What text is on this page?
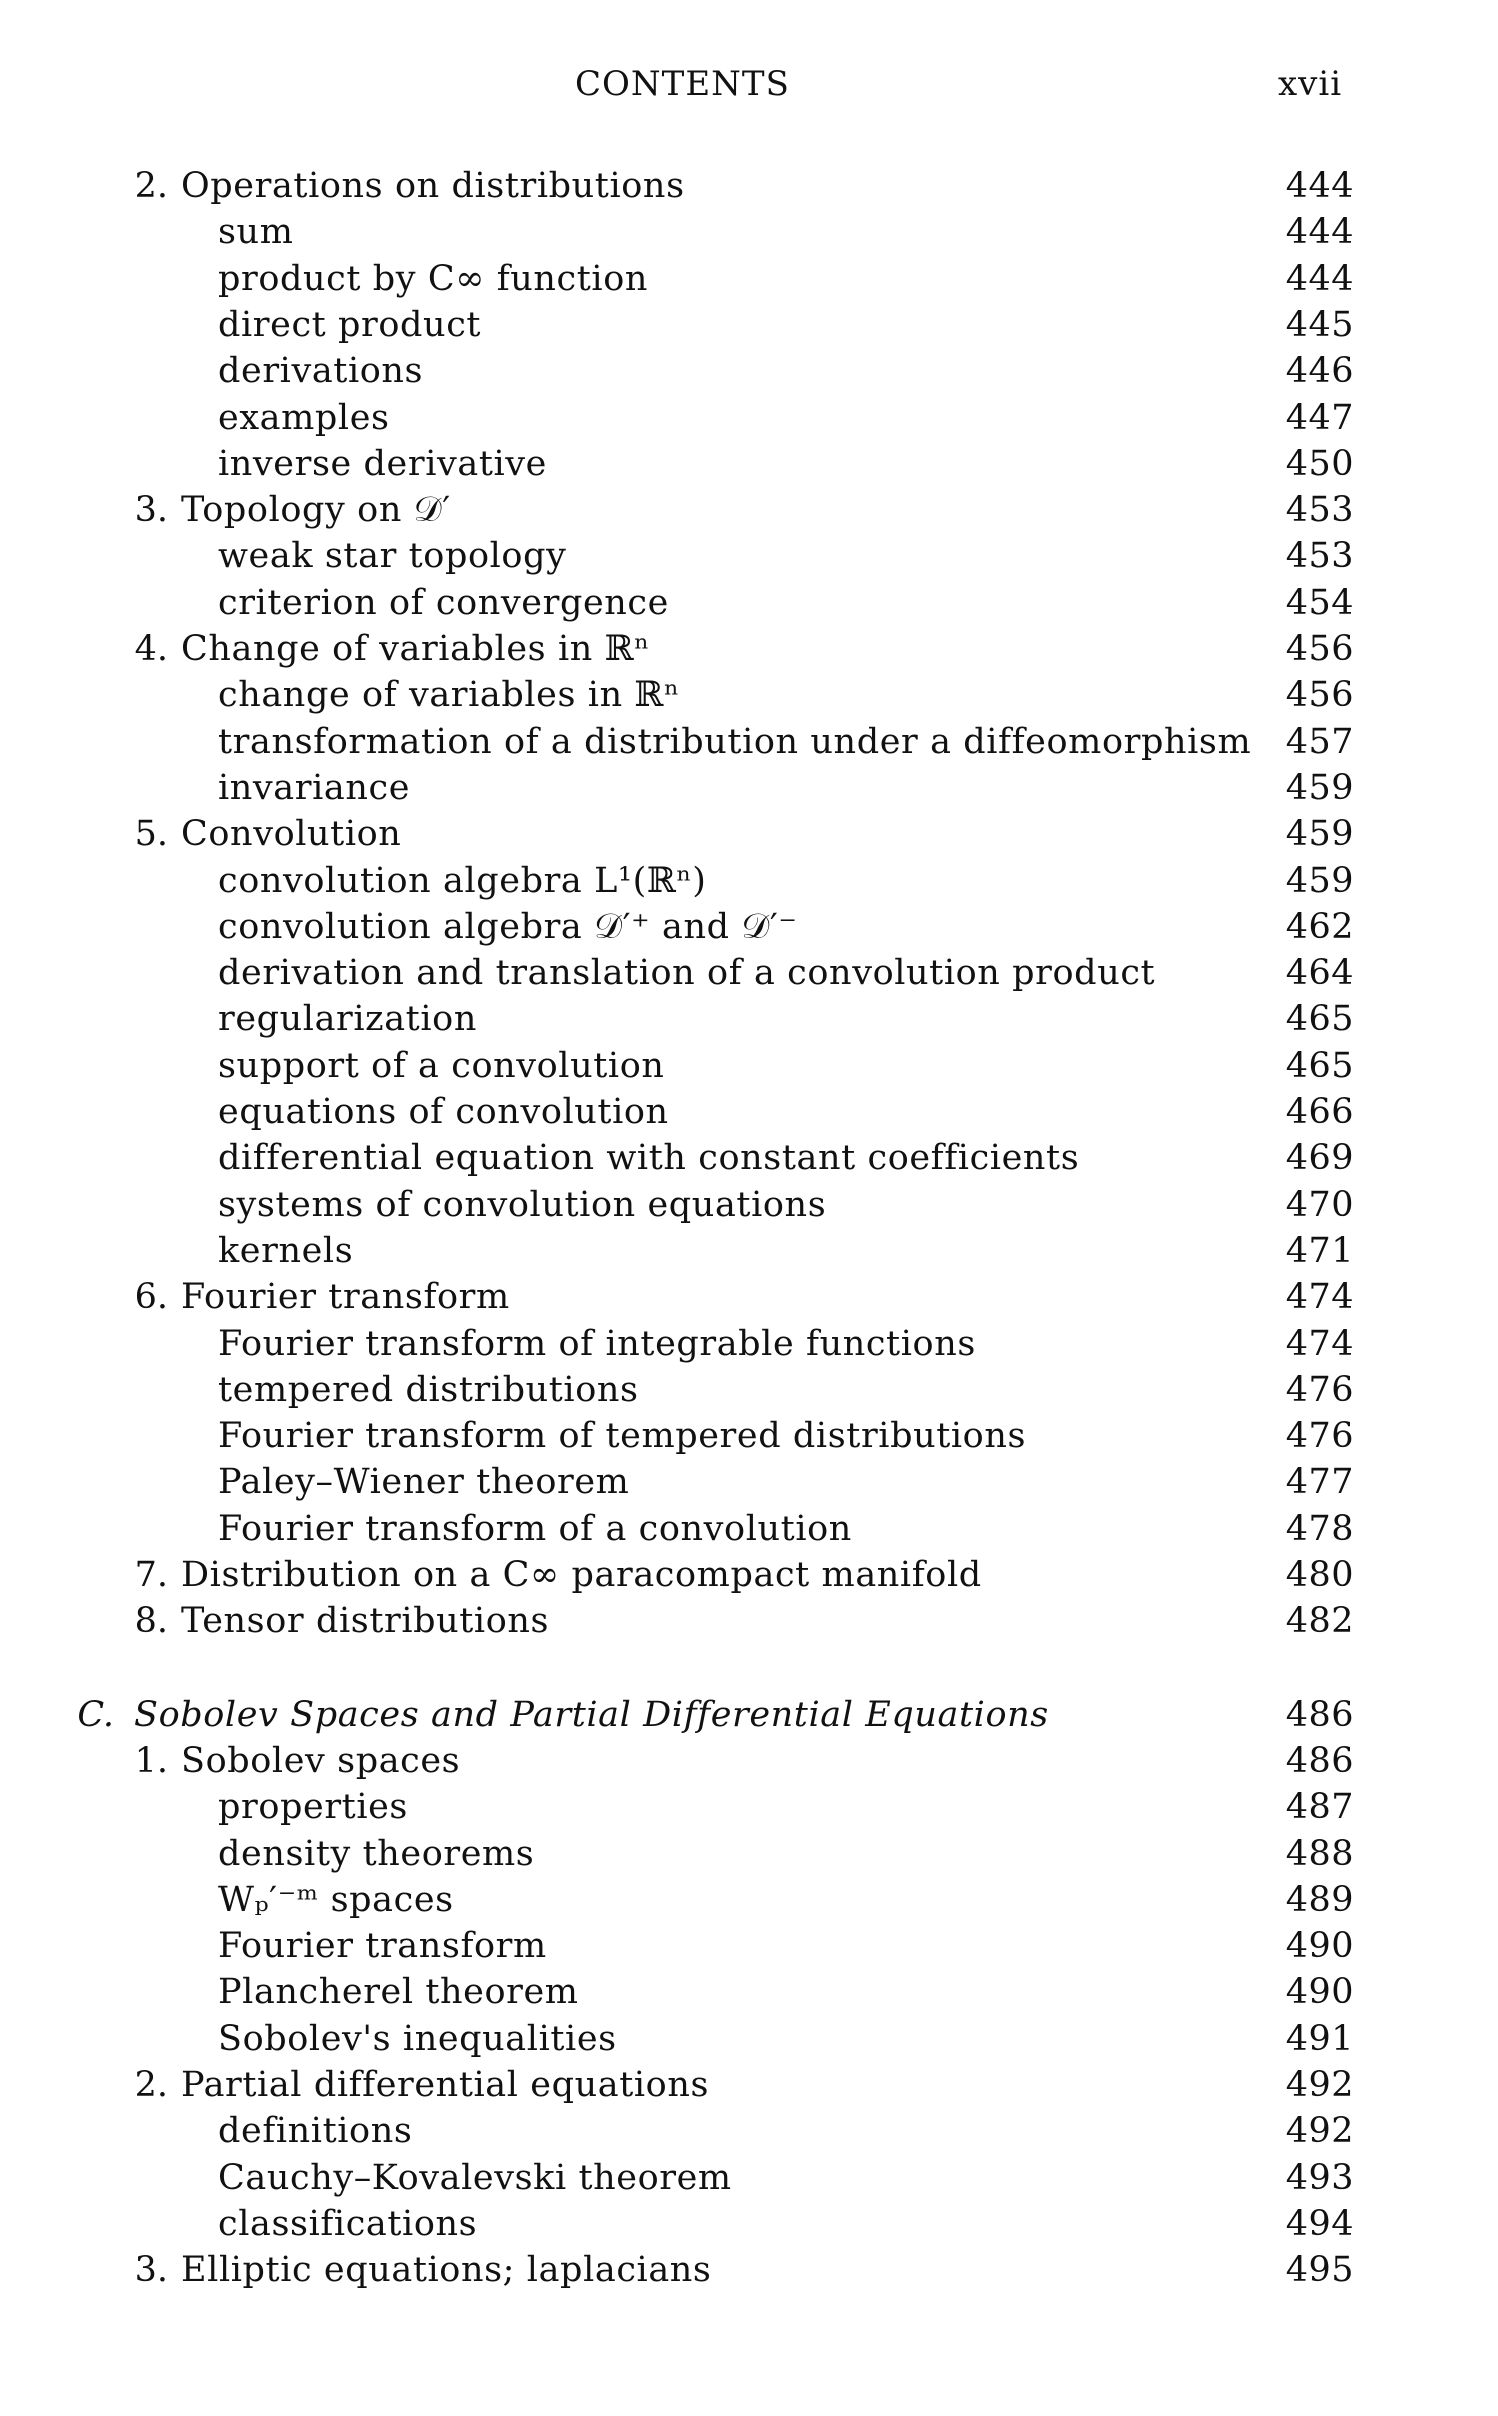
CONTENTS	xvii
2. Operations on distributions	444
sum	444
product by C∞ function	444
direct product	445
derivations	446
examples	447
inverse derivative	450
3. Topology on 𝒟′	453
weak star topology	453
criterion of convergence	454
4. Change of variables in ℝⁿ	456
change of variables in ℝⁿ	456
transformation of a distribution under a diffeomorphism 457
invariance	459
5. Convolution	459
convolution algebra L¹(ℝⁿ)	459
convolution algebra 𝒟′⁺ and 𝒟′⁻	462
derivation and translation of a convolution product	464
regularization	465
support of a convolution	465
equations of convolution	466
differential equation with constant coefficients	469
systems of convolution equations	470
kernels	471
6. Fourier transform	474
Fourier transform of integrable functions	474
tempered distributions	476
Fourier transform of tempered distributions	476
Paley–Wiener theorem	477
Fourier transform of a convolution	478
7. Distribution on a C∞ paracompact manifold	480
8. Tensor distributions	482
C. Sobolev Spaces and Partial Differential Equations	486
1. Sobolev spaces	486
properties	487
density theorems	488
Wₚ′⁻ᵐ spaces	489
Fourier transform	490
Plancherel theorem	490
Sobolev's inequalities	491
2. Partial differential equations	492
definitions	492
Cauchy–Kovalevski theorem	493
classifications	494
3. Elliptic equations; laplacians	495
